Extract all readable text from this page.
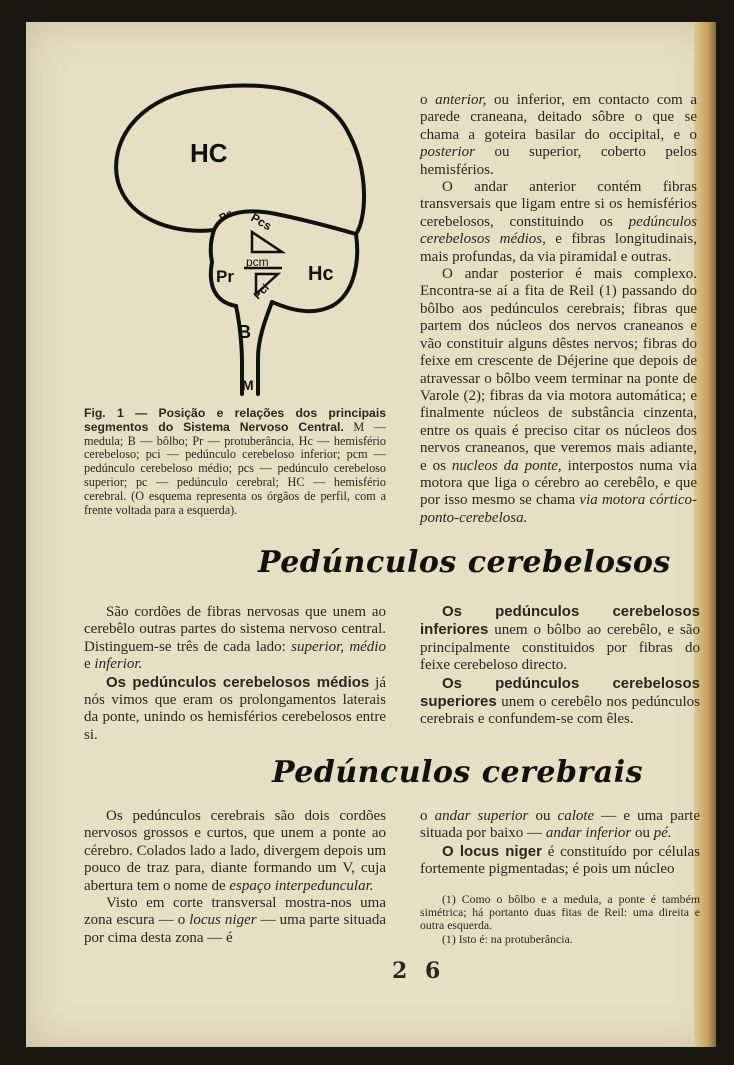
HC
Hc
Pc Pcs
pcm
Pci
Pr
B
M
Fig. 1 — Posição e relações dos principais segmentos do Sistema Nervoso Central. M — medula; B — bôlbo; Pr — protuberância, Hc — hemisfério cerebeloso; pci — pedúnculo cerebeloso inferior; pcm — pedúnculo cerebeloso médio; pcs — pedúnculo cerebeloso superior; pc — pedúnculo cerebral; HC — hemisfério cerebral. (O esquema representa os órgãos de perfil, com a frente voltada para a esquerda).

o anterior, ou inferior, em contacto com a parede craneana, deitado sôbre o que se chama a goteira basilar do occipital, e o posterior ou superior, coberto pelos hemisférios.

O andar anterior contém fibras transversais que ligam entre si os hemisférios cerebelosos, constituindo os pedúnculos cerebelosos médios, e fibras longitudinais, mais profundas, da via piramidal e outras.

O andar posterior é mais complexo. Encontra-se aí a fita de Reil (1) passando do bôlbo aos pedúnculos cerebrais; fibras que partem dos núcleos dos nervos craneanos e vão constituir alguns dêstes nervos; fibras do feixe em crescente de Déjerine que depois de atravessar o bôlbo veem terminar na ponte de Varole (2); fibras da via motora automática; e finalmente núcleos de substância cinzenta, entre os quais é preciso citar os núcleos dos nervos craneanos, que veremos mais adiante, e os nucleos da ponte, interpostos numa via motora que liga o cérebro ao cerebêlo, e que por isso mesmo se chama via motora córtico-ponto-cerebelosa.

Pedúnculos cerebelosos

São cordões de fibras nervosas que unem ao cerebêlo outras partes do sistema nervoso central. Distinguem-se três de cada lado: superior, médio e inferior.

Os pedúnculos cerebelosos médios já nós vimos que eram os prolongamentos laterais da ponte, unindo os hemisférios cerebelosos entre si.

Os pedúnculos cerebelosos inferiores unem o bôlbo ao cerebêlo, e são principalmente constituidos por fibras do feixe cerebeloso directo.

Os pedúnculos cerebelosos superiores unem o cerebêlo nos pedúnculos cerebrais e confundem-se com êles.

Pedúnculos cerebrais

Os pedúnculos cerebrais são dois cordões nervosos grossos e curtos, que unem a ponte ao cérebro. Colados lado a lado, divergem depois um pouco de traz para, diante formando um V, cuja abertura tem o nome de espaço interpeduncular.

Visto em corte transversal mostra-nos uma zona escura — o locus niger — uma parte situada por cima desta zona — é

o andar superior ou calote — e uma parte situada por baixo — andar inferior ou pé.

O locus niger é constituído por células fortemente pigmentadas; é pois um núcleo

(1) Como o bôlbo e a medula, a ponte é também simétrica; há portanto duas fitas de Reil: uma direita e outra esquerda.

(1) Isto é: na protuberância.

2 6
